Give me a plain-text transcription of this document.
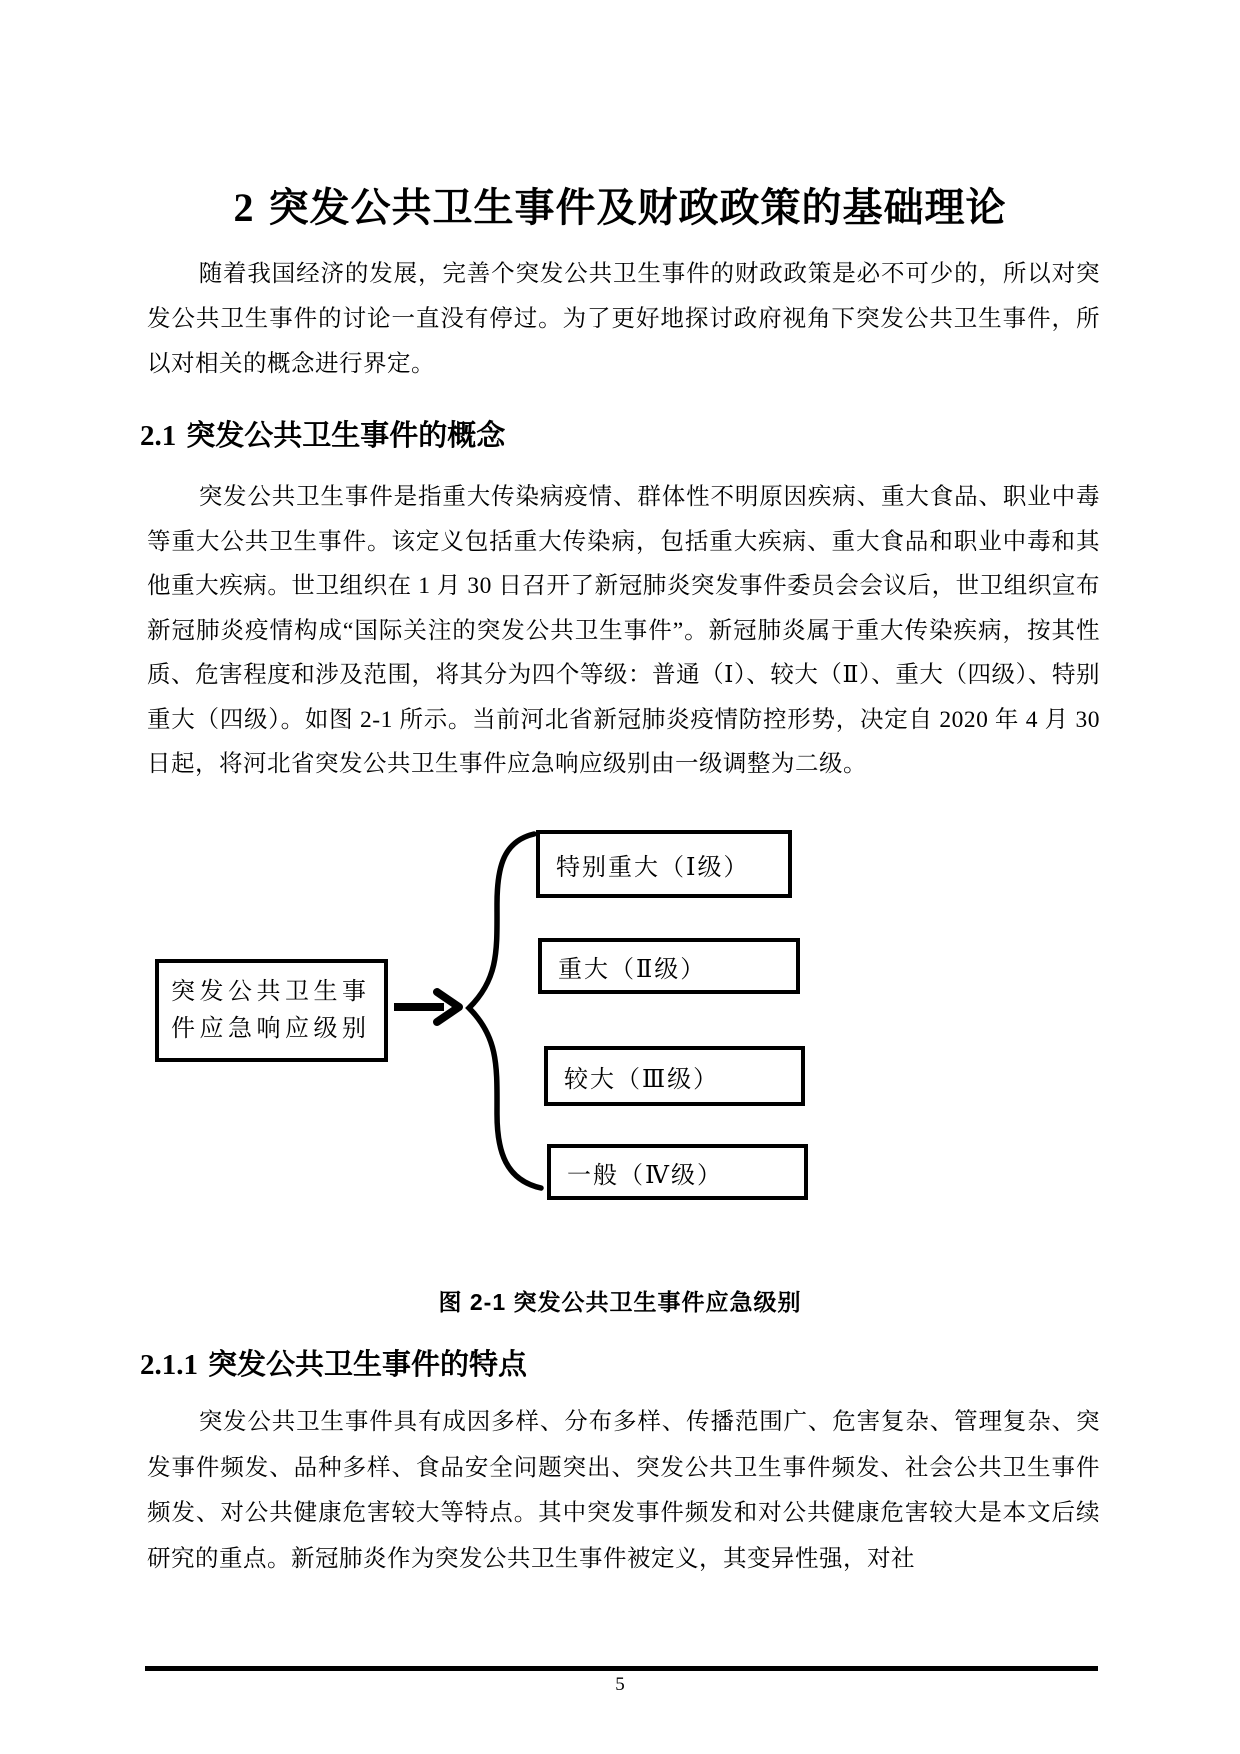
2 突发公共卫生事件及财政政策的基础理论
随着我国经济的发展，完善个突发公共卫生事件的财政政策是必不可少的，所以对突发公共卫生事件的讨论一直没有停过。为了更好地探讨政府视角下突发公共卫生事件，所以对相关的概念进行界定。
2.1 突发公共卫生事件的概念
突发公共卫生事件是指重大传染病疫情、群体性不明原因疾病、重大食品、职业中毒等重大公共卫生事件。该定义包括重大传染病，包括重大疾病、重大食品和职业中毒和其他重大疾病。世卫组织在 1 月 30 日召开了新冠肺炎突发事件委员会会议后，世卫组织宣布新冠肺炎疫情构成“国际关注的突发公共卫生事件”。新冠肺炎属于重大传染疾病，按其性质、危害程度和涉及范围，将其分为四个等级：普通（Ⅰ）、较大（Ⅱ）、重大（四级）、特别重大（四级）。如图 2-1 所示。当前河北省新冠肺炎疫情防控形势，决定自 2020 年 4 月 30 日起，将河北省突发公共卫生事件应急响应级别由一级调整为二级。
突发公共卫生事
件应急响应级别
特别重大（Ⅰ级）
重大（Ⅱ级）
较大（Ⅲ级）
一般（Ⅳ级）
图 2-1 突发公共卫生事件应急级别
2.1.1 突发公共卫生事件的特点
突发公共卫生事件具有成因多样、分布多样、传播范围广、危害复杂、管理复杂、突发事件频发、品种多样、食品安全问题突出、突发公共卫生事件频发、社会公共卫生事件频发、对公共健康危害较大等特点。其中突发事件频发和对公共健康危害较大是本文后续研究的重点。新冠肺炎作为突发公共卫生事件被定义，其变异性强，对社
5
